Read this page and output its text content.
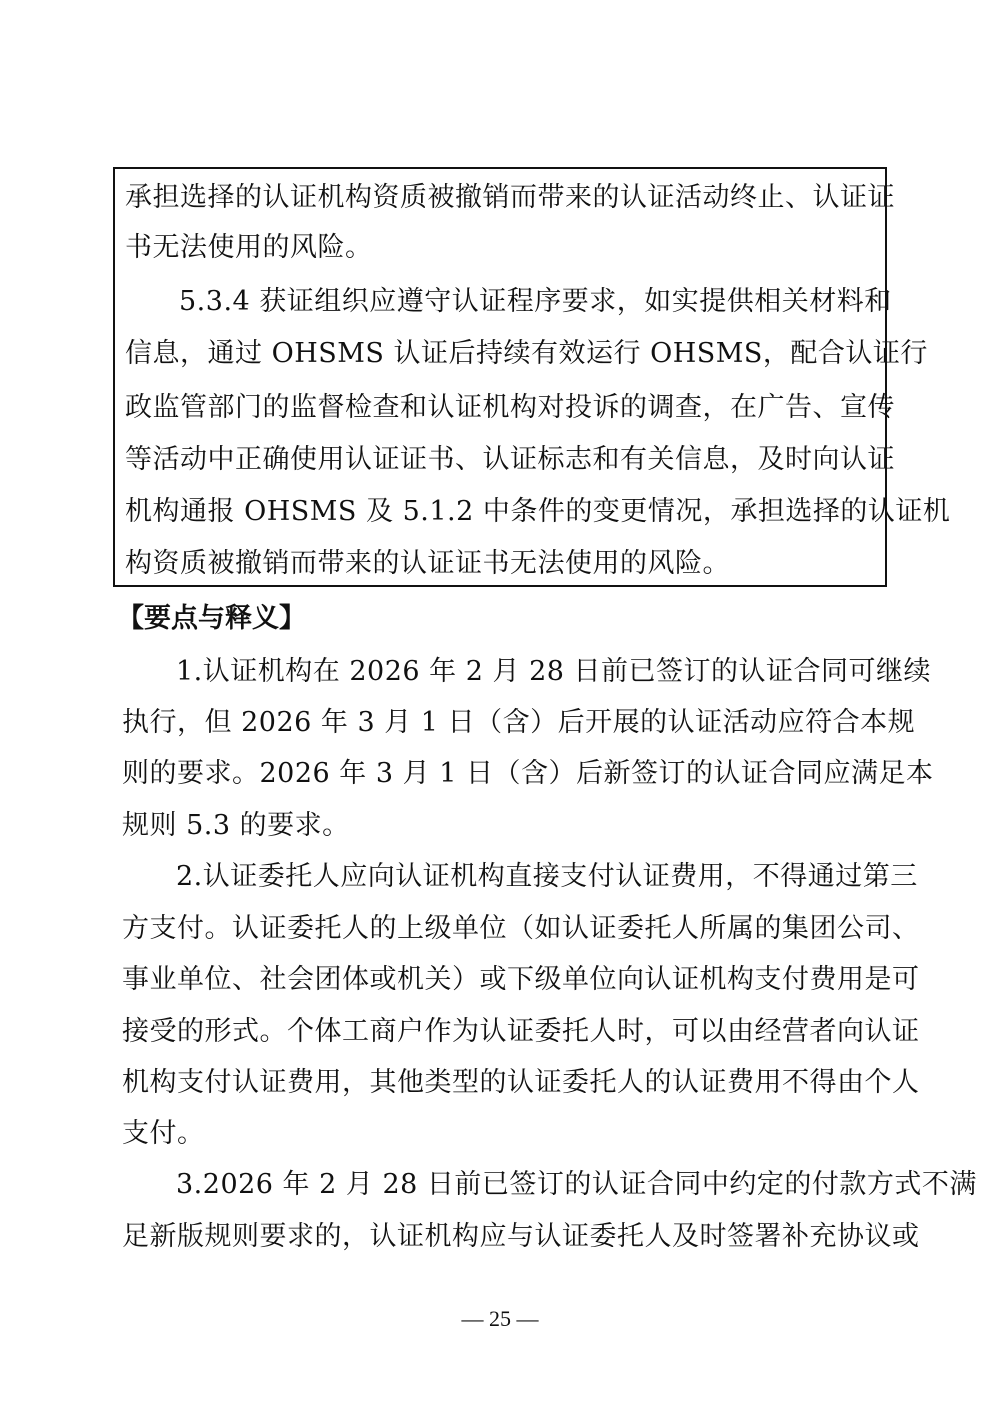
承担选择的认证机构资质被撤销而带来的认证活动终止、认证证
书无法使用的风险。
5.3.4 获证组织应遵守认证程序要求，如实提供相关材料和
信息，通过 OHSMS 认证后持续有效运行 OHSMS，配合认证行
政监管部门的监督检查和认证机构对投诉的调查，在广告、宣传
等活动中正确使用认证证书、认证标志和有关信息，及时向认证
机构通报 OHSMS 及 5.1.2 中条件的变更情况，承担选择的认证机
构资质被撤销而带来的认证证书无法使用的风险。
【要点与释义】
1.认证机构在 2026 年 2 月 28 日前已签订的认证合同可继续
执行，但 2026 年 3 月 1 日（含）后开展的认证活动应符合本规
则的要求。2026 年 3 月 1 日（含）后新签订的认证合同应满足本
规则 5.3 的要求。
2.认证委托人应向认证机构直接支付认证费用，不得通过第三
方支付。认证委托人的上级单位（如认证委托人所属的集团公司、
事业单位、社会团体或机关）或下级单位向认证机构支付费用是可
接受的形式。个体工商户作为认证委托人时，可以由经营者向认证
机构支付认证费用，其他类型的认证委托人的认证费用不得由个人
支付。
3.2026 年 2 月 28 日前已签订的认证合同中约定的付款方式不满
足新版规则要求的，认证机构应与认证委托人及时签署补充协议或
— 25 —
